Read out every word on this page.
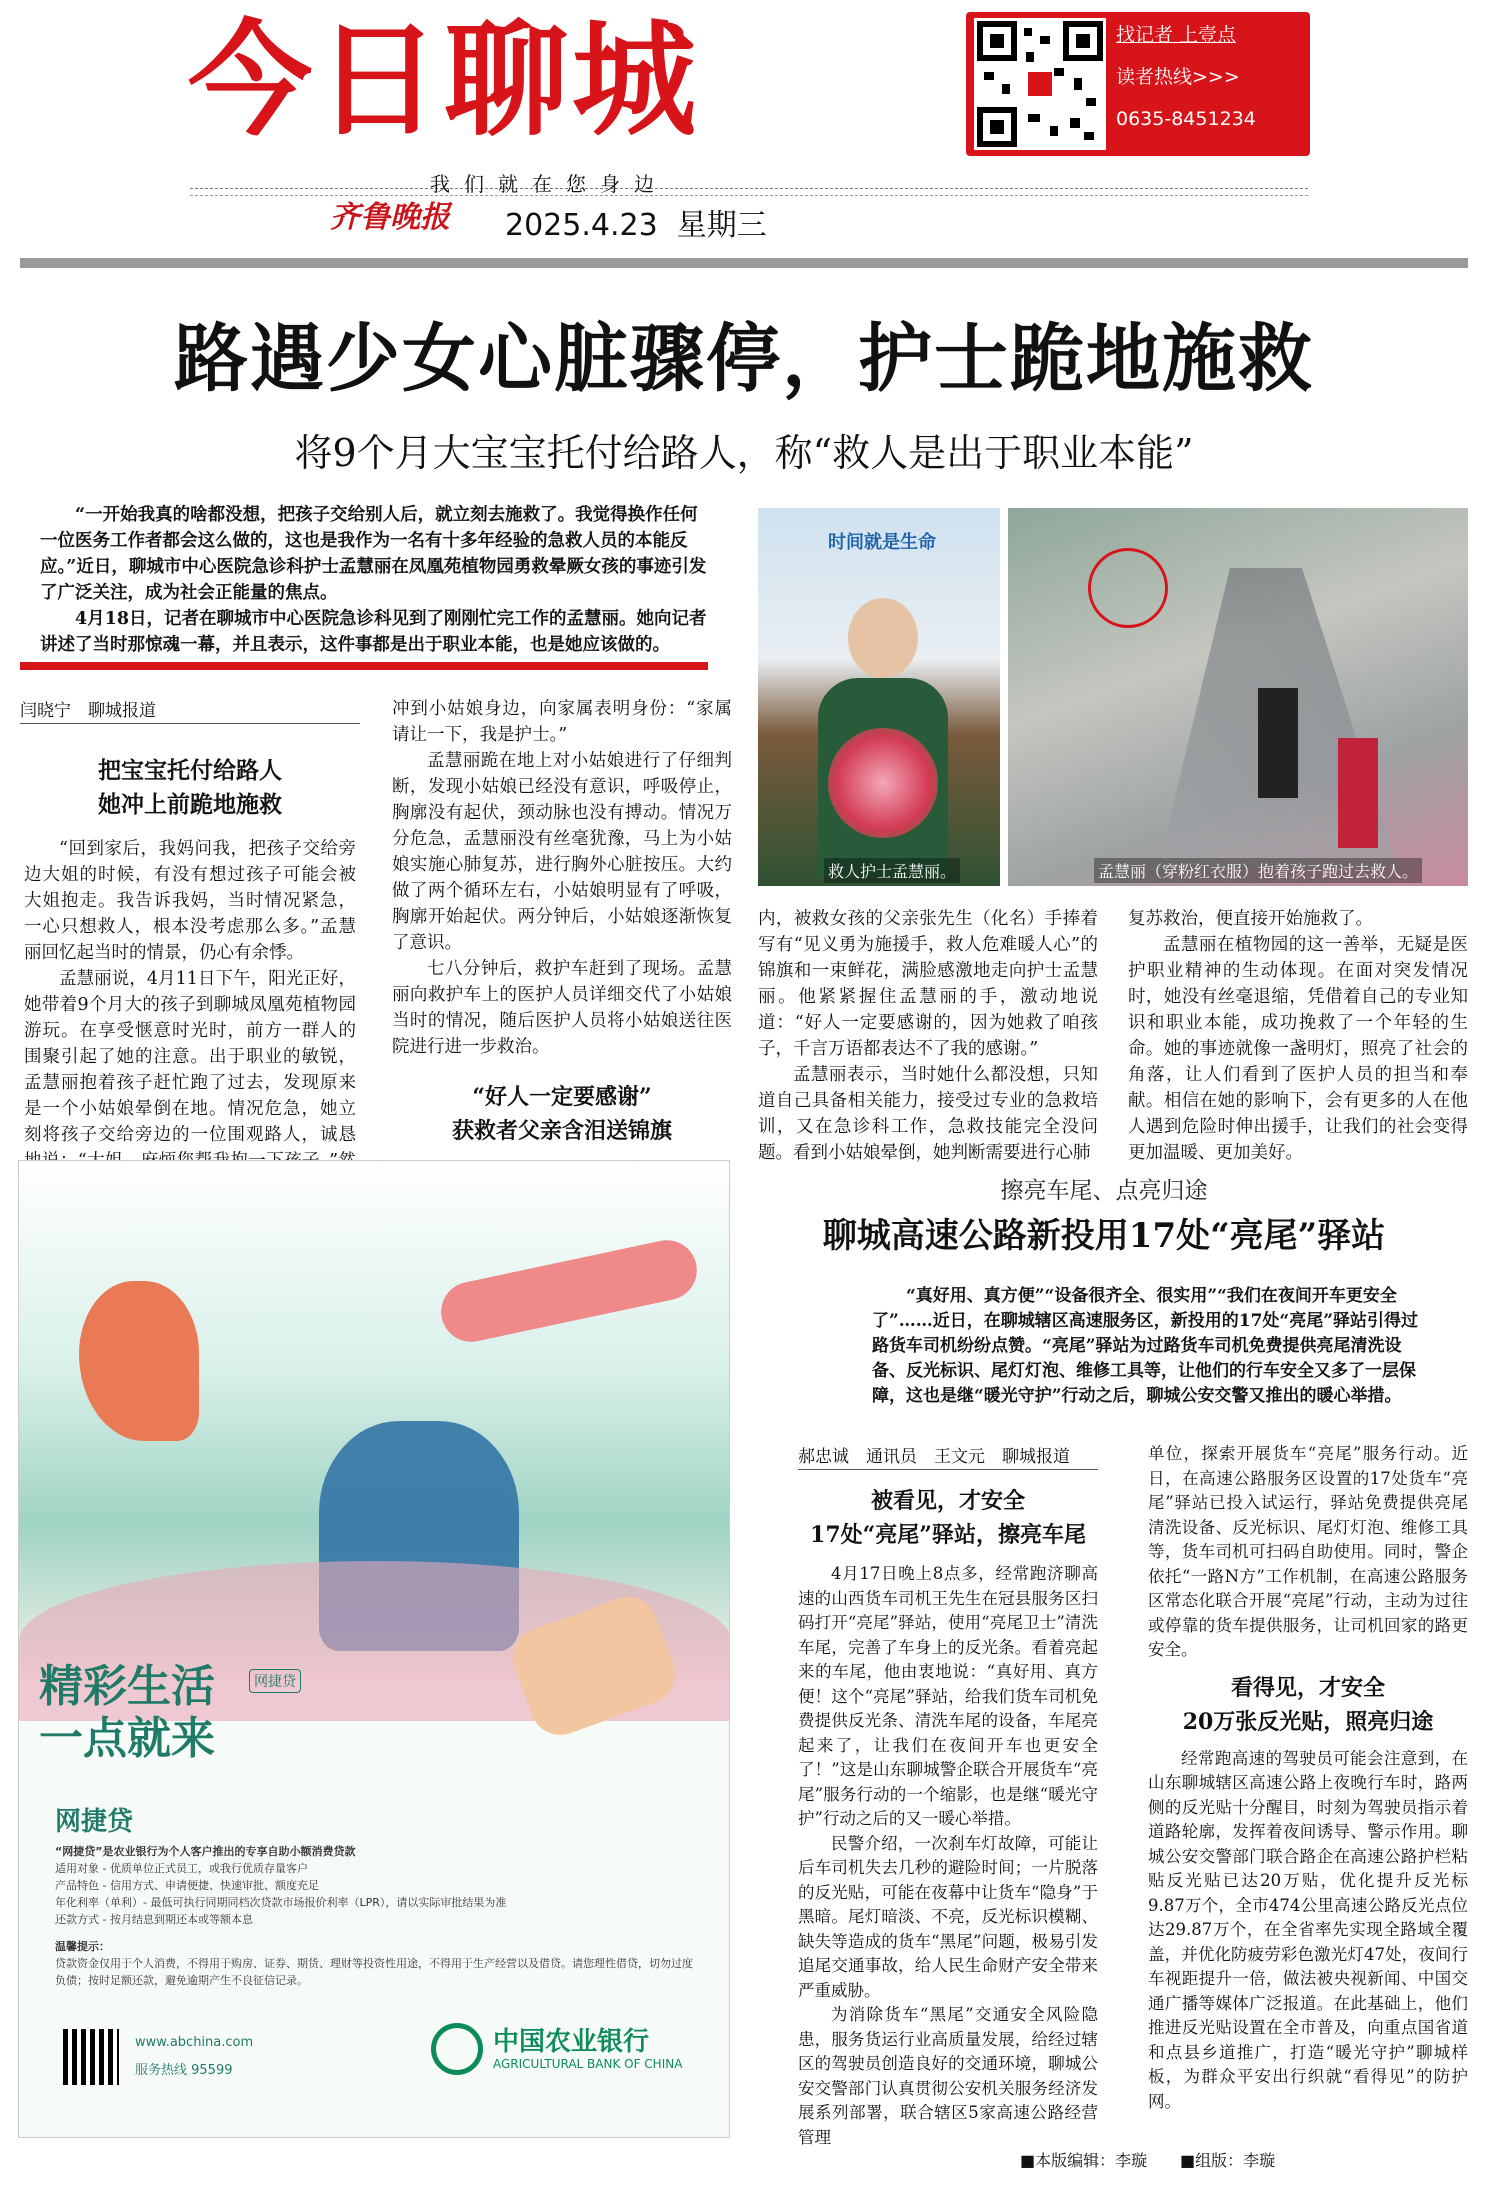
今日聊城	找记者 上壹点
读者热线>>>
0635-8451234
我们就在您身边
齐鲁晚报 2025.4.23 星期三
路遇少女心脏骤停，护士跪地施救
将9个月大宝宝托付给路人，称“救人是出于职业本能”

“一开始我真的啥都没想，把孩子交给别人后，就立刻去施救了。我觉得换作任何一位医务工作者都会这么做的，这也是我作为一名有十多年经验的急救人员的本能反应。”近日，聊城市中心医院急诊科护士孟慧丽在凤凰苑植物园勇救晕厥女孩的事迹引发了广泛关注，成为社会正能量的焦点。

4月18日，记者在聊城市中心医院急诊科见到了刚刚忙完工作的孟慧丽。她向记者讲述了当时那惊魂一幕，并且表示，这件事都是出于职业本能，也是她应该做的。

时间就是生命
救人护士孟慧丽。	孟慧丽（穿粉红衣服）抱着孩子跑过去救人。
闫晓宁　聊城报道
把宝宝托付给路人
她冲上前跪地施救

“回到家后，我妈问我，把孩子交给旁边大姐的时候，有没有想过孩子可能会被大姐抱走。我告诉我妈，当时情况紧急，一心只想救人，根本没考虑那么多。”孟慧丽回忆起当时的情景，仍心有余悸。

孟慧丽说，4月11日下午，阳光正好，她带着9个月大的孩子到聊城凤凰苑植物园游玩。在享受惬意时光时，前方一群人的围聚引起了她的注意。出于职业的敏锐，孟慧丽抱着孩子赶忙跑了过去，发现原来是一个小姑娘晕倒在地。情况危急，她立刻将孩子交给旁边的一位围观路人，诚恳

冲到小姑娘身边，向家属表明身份：“家属请让一下，我是护士。”

孟慧丽跪在地上对小姑娘进行了仔细判断，发现小姑娘已经没有意识，呼吸停止，胸廓没有起伏，颈动脉也没有搏动。情况万分危急，孟慧丽没有丝毫犹豫，马上为小姑娘实施心肺复苏，进行胸外心脏按压。大约做了两个循环左右，小姑娘明显有了呼吸，胸廓开始起伏。两分钟后，小姑娘逐渐恢复了意识。

七八分钟后，救护车赶到了现场。孟慧丽向救护车上的医护人员详细交代了小姑娘当时的情况，随后医护人员将小姑娘送往医院进行进一步救治。

“好人一定要感谢”
获救者父亲含泪送锦旗

内，被救女孩的父亲张先生（化名）手捧着写有“见义勇为施援手，救人危难暖人心”的锦旗和一束鲜花，满脸感激地走向护士孟慧丽。他紧紧握住孟慧丽的手，激动地说道：“好人一定要感谢的，因为她救了咱孩子，千言万语都表达不了我的感谢。”

孟慧丽表示，当时她什么都没想，只知道自己具备相关能力，接受过专业的急救培训，又在急诊科工作，急救技能完全没问题。看到小姑娘晕倒，她判断需要进行心肺

复苏救治，便直接开始施救了。

孟慧丽在植物园的这一善举，无疑是医护职业精神的生动体现。在面对突发情况时，她没有丝毫退缩，凭借着自己的专业知识和职业本能，成功挽救了一个年轻的生命。她的事迹就像一盏明灯，照亮了社会的角落，让人们看到了医护人员的担当和奉献。相信在她的影响下，会有更多的人在他人遇到危险时伸出援手，让我们的社会变得更加温暖、更加美好。

精彩生活
一点就来
网捷贷
网捷贷
“网捷贷”是农业银行为个人客户推出的专享自助小额消费贷款
适用对象 - 优质单位正式员工，或我行优质存量客户
产品特色 - 信用方式、申请便捷、快速审批、额度充足
年化利率（单利）- 最低可执行同期同档次贷款市场报价利率（LPR），请以实际审批结果为准
还款方式 - 按月结息到期还本或等额本息
温馨提示：
贷款资金仅用于个人消费，不得用于购房、证券、期货、理财等投资性用途，不得用于生产经营以及借贷。请您理性借贷，切勿过度负债；按时足额还款，避免逾期产生不良征信记录。
www.abchina.com
服务热线 95599
中国农业银行
AGRICULTURAL BANK OF CHINA
擦亮车尾、点亮归途
聊城高速公路新投用17处“亮尾”驿站
“真好用、真方便”“设备很齐全、很实用”“我们在夜间开车更安全了”……近日，在聊城辖区高速服务区，新投用的17处“亮尾”驿站引得过路货车司机纷纷点赞。“亮尾”驿站为过路货车司机免费提供亮尾清洗设备、反光标识、尾灯灯泡、维修工具等，让他们的行车安全又多了一层保障，这也是继“暖光守护”行动之后，聊城公安交警又推出的暖心举措。
郝忠诚　通讯员　王文元　聊城报道
被看见，才安全
17处“亮尾”驿站，擦亮车尾

4月17日晚上8点多，经常跑济聊高速的山西货车司机王先生在冠县服务区扫码打开“亮尾”驿站，使用“亮尾卫士”清洗车尾，完善了车身上的反光条。看着亮起来的车尾，他由衷地说：“真好用、真方便！这个“亮尾”驿站，给我们货车司机免费提供反光条、清洗车尾的设备，车尾亮起来了，让我们在夜间开车也更安全了！”这是山东聊城警企联合开展货车“亮尾”服务行动的一个缩影，也是继“暖光守护”行动之后的又一暖心举措。

民警介绍，一次刹车灯故障，可能让后车司机失去几秒的避险时间；一片脱落的反光贴，可能在夜幕中让货车“隐身”于黑暗。尾灯暗淡、不亮，反光标识模糊、缺失等造成的货车“黑尾”问题，极易引发追尾交通事故，给人民生命财产安全带来严重威胁。

为消除货车“黑尾”交通安全风险隐患，服务货运行业高质量发展，给经过辖区的驾驶员创造良好的交通环境，聊城公安交警部门认真贯彻公安机关服务经济发展系列部署，联合辖区5家高速公路经营管理

单位，探索开展货车“亮尾”服务行动。近日，在高速公路服务区设置的17处货车“亮尾”驿站已投入试运行，驿站免费提供亮尾清洗设备、反光标识、尾灯灯泡、维修工具等，货车司机可扫码自助使用。同时，警企依托“一路N方”工作机制，在高速公路服务区常态化联合开展“亮尾”行动，主动为过往或停靠的货车提供服务，让司机回家的路更安全。

看得见，才安全
20万张反光贴，照亮归途

经常跑高速的驾驶员可能会注意到，在山东聊城辖区高速公路上夜晚行车时，路两侧的反光贴十分醒目，时刻为驾驶员指示着道路轮廓，发挥着夜间诱导、警示作用。聊城公安交警部门联合路企在高速公路护栏粘贴反光贴已达20万贴，优化提升反光标9.87万个，全市474公里高速公路反光点位达29.87万个，在全省率先实现全路域全覆盖，并优化防疲劳彩色激光灯47处，夜间行车视距提升一倍，做法被央视新闻、中国交通广播等媒体广泛报道。在此基础上，他们推进反光贴设置在全市普及，向重点国省道和点县乡道推广，打造“暖光守护”聊城样板，为群众平安出行织就“看得见”的防护网。

■本版编辑：李璇 ■组版：李璇
